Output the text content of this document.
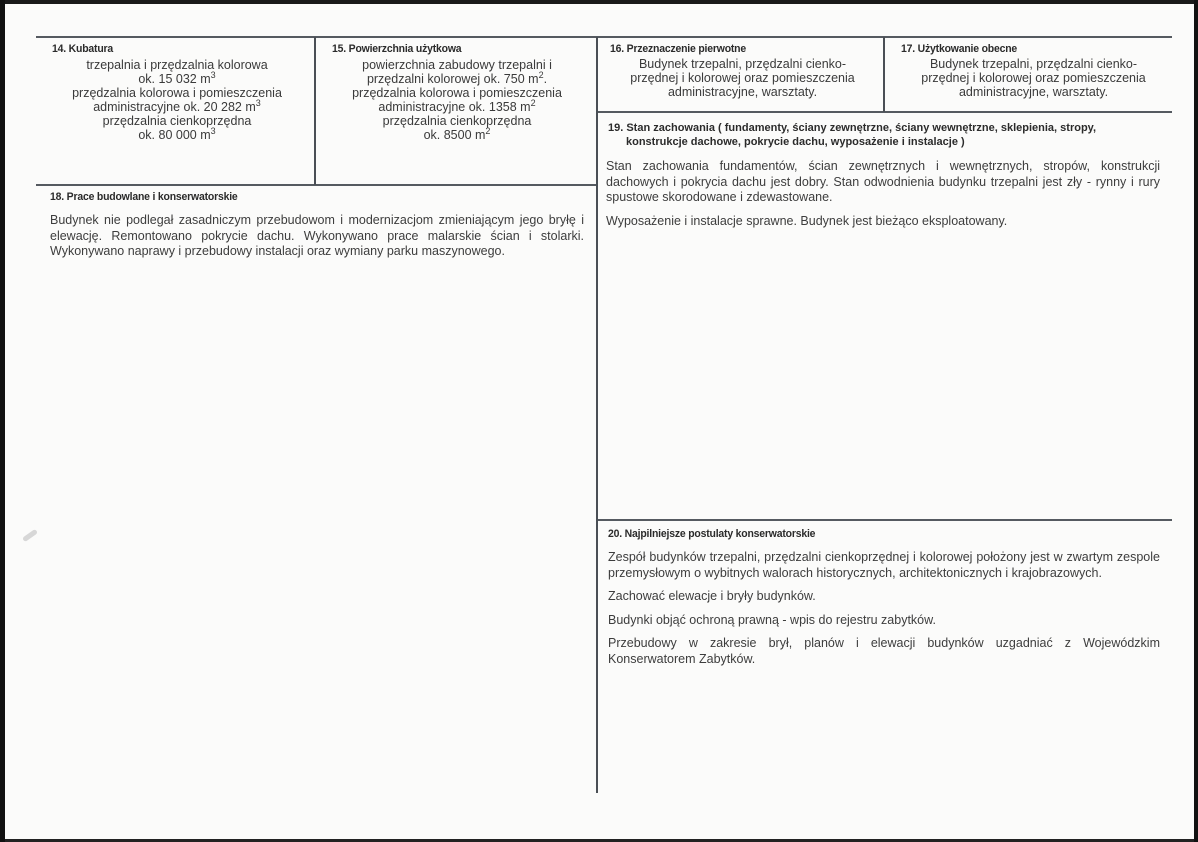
14. Kubatura
trzepalnia i przędzalnia kolorowa
ok. 15 032 $m^3$
przędzalnia kolorowa i pomieszczenia
administracyjne ok. 20 282 $m^3$
przędzalnia cienkoprzędna
ok. 80 000 $m^3$
15. Powierzchnia użytkowa
powierzchnia zabudowy trzepalni i
przędzalni kolorowej ok. 750 $m^2$.
przędzalnia kolorowa i pomieszczenia
administracyjne ok. 1358 $m^2$
przędzalnia cienkoprzędna
ok. 8500 $m^2$
16. Przeznaczenie pierwotne
Budynek trzepalni, przędzalni cienko-
przędnej i kolorowej oraz pomieszczenia
administracyjne, warsztaty.
17. Użytkowanie obecne
Budynek trzepalni, przędzalni cienko-
przędnej i kolorowej oraz pomieszczenia
administracyjne, warsztaty.
18. Prace budowlane i konserwatorskie

Budynek nie podlegał zasadniczym przebudowom i modernizacjom zmieniającym jego bryłę i elewację. Remontowano pokrycie dachu. Wykonywano prace malarskie ścian i stolarki. Wykonywano naprawy i przebudowy instalacji oraz wymiany parku maszynowego.

19. Stan zachowania ( fundamenty, ściany zewnętrzne, ściany wewnętrzne, sklepienia, stropy,
konstrukcje dachowe, pokrycie dachu, wyposażenie i instalacje )

Stan zachowania fundamentów, ścian zewnętrznych i wewnętrznych, stropów, konstrukcji dachowych i pokrycia dachu jest dobry. Stan odwodnienia budynku trzepalni jest zły - rynny i rury spustowe skorodowane i zdewastowane.

Wyposażenie i instalacje sprawne. Budynek jest bieżąco eksploatowany.

20. Najpilniejsze postulaty konserwatorskie

Zespół budynków trzepalni, przędzalni cienkoprzędnej i kolorowej położony jest w zwartym zespole przemysłowym o wybitnych walorach historycznych, architektonicznych i krajobrazowych.

Zachować elewacje i bryły budynków.

Budynki objąć ochroną prawną - wpis do rejestru zabytków.

Przebudowy w zakresie brył, planów i elewacji budynków uzgadniać z Wojewódzkim Konserwatorem Zabytków.
